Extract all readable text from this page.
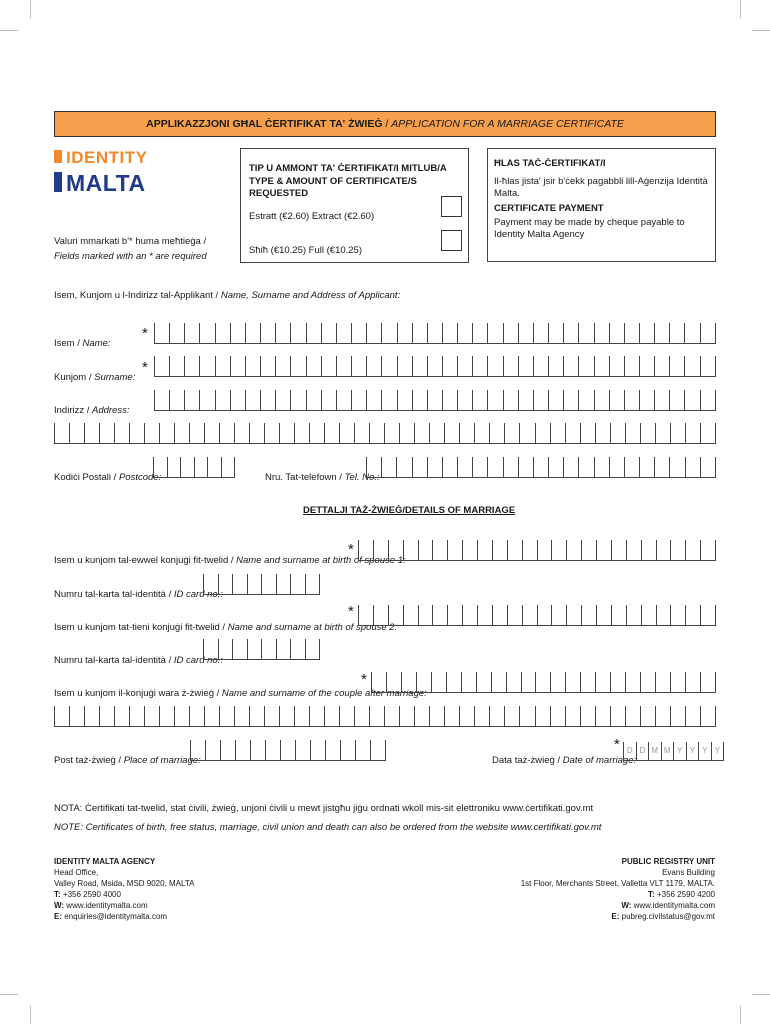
APPLIKAZZJONI GĦAL ĊERTIFIKAT TA' ŻWIEĠ / APPLICATION FOR A MARRIAGE CERTIFICATE
IDENTITY
MALTA
TIP U AMMONT TA' ĊERTIFIKAT/I MITLUB/A
TYPE & AMOUNT OF CERTIFICATE/S REQUESTED
Estratt (€2.60) Extract (€2.60)
Sħiħ (€10.25) Full (€10.25)
ĦLAS TAĊ-ĊERTIFIKAT/I
Il-ħlas jista' jsir b'ċekk pagabbli lill-Aġenzija Identità Malta.
CERTIFICATE PAYMENT
Payment may be made by cheque payable to Identity Malta Agency
Valuri mmarkati b'* huma meħtieġa /
Fields marked with an * are required
Isem, Kunjom u l-Indirizz tal-Applikant / Name, Surname and Address of Applicant:
Isem / Name:
*
Kunjom / Surname:
*
Indirizz / Address:
Kodiċi Postali / Postcode:	Nru. Tat-telefown / Tel. No.:
DETTALJI TAŻ-ŻWIEĠ/DETAILS OF MARRIAGE
Isem u kunjom tal-ewwel konjuġi fit-twelid / Name and surname at birth of spouse 1:
*
Numru tal-karta tal-identità / ID card no.:
Isem u kunjom tat-tieni konjuġi fit-twelid / Name and surname at birth of spouse 2:
*
Numru tal-karta tal-identità / ID card no.:
Isem u kunjom il-konjuġi wara ż-żwieġ / Name and surname of the couple after marriage:
*
Post taż-żwieġ / Place of marriage:	Data taż-żwieġ / Date of marriage:
* D D M M Y Y Y Y
NOTA: Ċertifikati tat-twelid, stat ċivili, żwieġ, unjoni ċivili u mewt jistgħu jiġu ordnati wkoll mis-sit elettroniku www.ċertifikati.gov.mt
NOTE: Certificates of birth, free status, marriage, civil union and death can also be ordered from the website www.certifikati.gov.mt
IDENTITY MALTA AGENCY
Head Office,
Valley Road, Msida, MSD 9020, MALTA
T: +356 2590 4000
W: www.identitymalta.com
E: enquiries@identitymalta.com
PUBLIC REGISTRY UNIT
Evans Building
1st Floor, Merchants Street, Valletta VLT 1179, MALTA.
T: +356 2590 4200
W: www.identitymalta.com
E: pubreg.civilstatus@gov.mt
